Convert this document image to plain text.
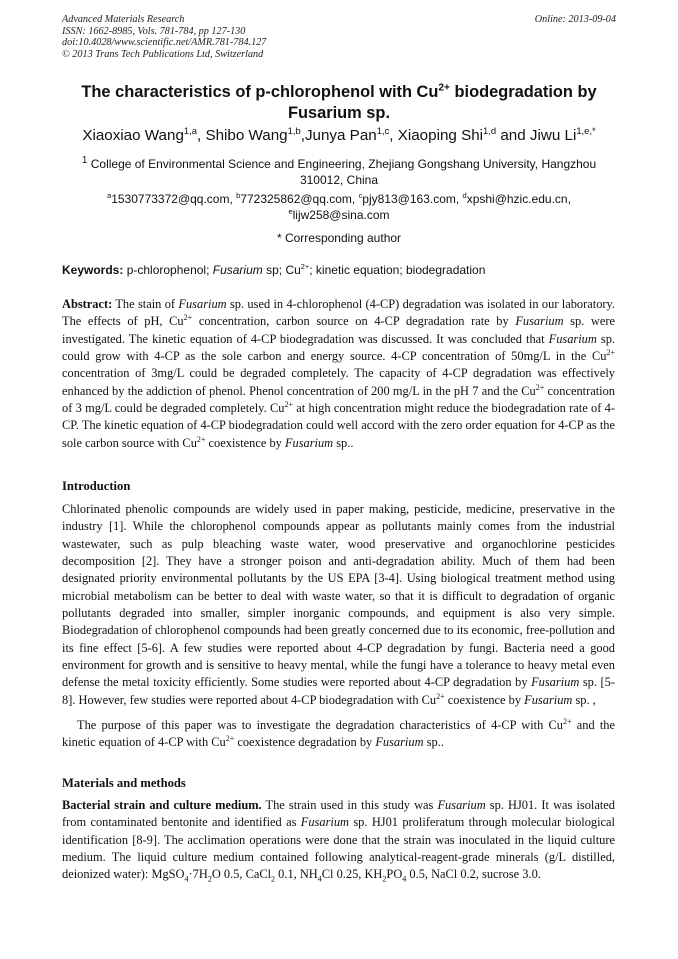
Advanced Materials Research
ISSN: 1662-8985, Vols. 781-784, pp 127-130
doi:10.4028/www.scientific.net/AMR.781-784.127
© 2013 Trans Tech Publications Ltd, Switzerland
Online: 2013-09-04
The characteristics of p-chlorophenol with $Cu^{2+}$ biodegradation by Fusarium sp.
Xiaoxiao Wang$^{1,a}$, Shibo Wang$^{1,b}$,Junya Pan$^{1,c}$, Xiaoping Shi$^{1,d}$ and Jiwu $Li^{1,e,*}$
$^1$ College of Environmental Science and Engineering, Zhejiang Gongshang University, Hangzhou 310012, China
$^a$1530773372@qq.com, $^b$772325862@qq.com, $^c$pjy813@163.com, $^d$xpshi@hzic.edu.cn,
$^e$lijw258@sina.com
* Corresponding author
Keywords: p-chlorophenol; Fusarium sp; $Cu^{2+}$; kinetic equation; biodegradation
Abstract: The stain of Fusarium sp. used in 4-chlorophenol (4-CP) degradation was isolated in our laboratory. The effects of pH, $Cu^{2+}$ concentration, carbon source on 4-CP degradation rate by Fusarium sp. were investigated. The kinetic equation of 4-CP biodegradation was discussed. It was concluded that Fusarium sp. could grow with 4-CP as the sole carbon and energy source. 4-CP concentration of 50mg/L in the $Cu^{2+}$ concentration of 3mg/L could be degraded completely. The capacity of 4-CP degradation was effectively enhanced by the addiction of phenol. Phenol concentration of 200 mg/L in the pH 7 and the $Cu^{2+}$ concentration of 3 mg/L could be degraded completely. $Cu^{2+}$ at high concentration might reduce the biodegradation rate of 4-CP. The kinetic equation of 4-CP biodegradation could well accord with the zero order equation for 4-CP as the sole carbon source with $Cu^{2+}$ coexistence by Fusarium sp..
Introduction
Chlorinated phenolic compounds are widely used in paper making, pesticide, medicine, preservative in the industry [1]. While the chlorophenol compounds appear as pollutants mainly comes from the industrial wastewater, such as pulp bleaching waste water, wood preservative and organochlorine pesticides decomposition [2]. They have a stronger poison and anti-degradation ability. Much of them had been designated priority environmental pollutants by the US EPA [3-4]. Using biological treatment method using microbial metabolism can be better to deal with waste water, so that it is difficult to degradation of organic pollutants degraded into smaller, simpler inorganic compounds, and equipment is also very simple. Biodegradation of chlorophenol compounds had been greatly concerned due to its economic, free-pollution and its fine effect [5-6]. A few studies were reported about 4-CP degradation by fungi. Bacteria need a good environment for growth and is sensitive to heavy mental, while the fungi have a tolerance to heavy metal even defense the metal toxicity efficiently. Some studies were reported about 4-CP degradation by Fusarium sp. [5-8]. However, few studies were reported about 4-CP biodegradation with $Cu^{2+}$ coexistence by Fusarium sp. ,
The purpose of this paper was to investigate the degradation characteristics of 4-CP with $Cu^{2+}$ and the kinetic equation of 4-CP with $Cu^{2+}$ coexistence degradation by Fusarium sp..
Materials and methods
Bacterial strain and culture medium. The strain used in this study was Fusarium sp. HJ01. It was isolated from contaminated bentonite and identified as Fusarium sp. HJ01 proliferatum through molecular biological identification [8-9]. The acclimation operations were done that the strain was inoculated in the liquid culture medium. The liquid culture medium contained following analytical-reagent-grade minerals (g/L distilled, deionized water): $MgSO_4\cdot 7H_2O$ 0.5, CaCl$_2$ 0.1, $NH_4Cl$ 0.25, $KH_2PO_4$ 0.5, NaCl 0.2, sucrose 3.0.
